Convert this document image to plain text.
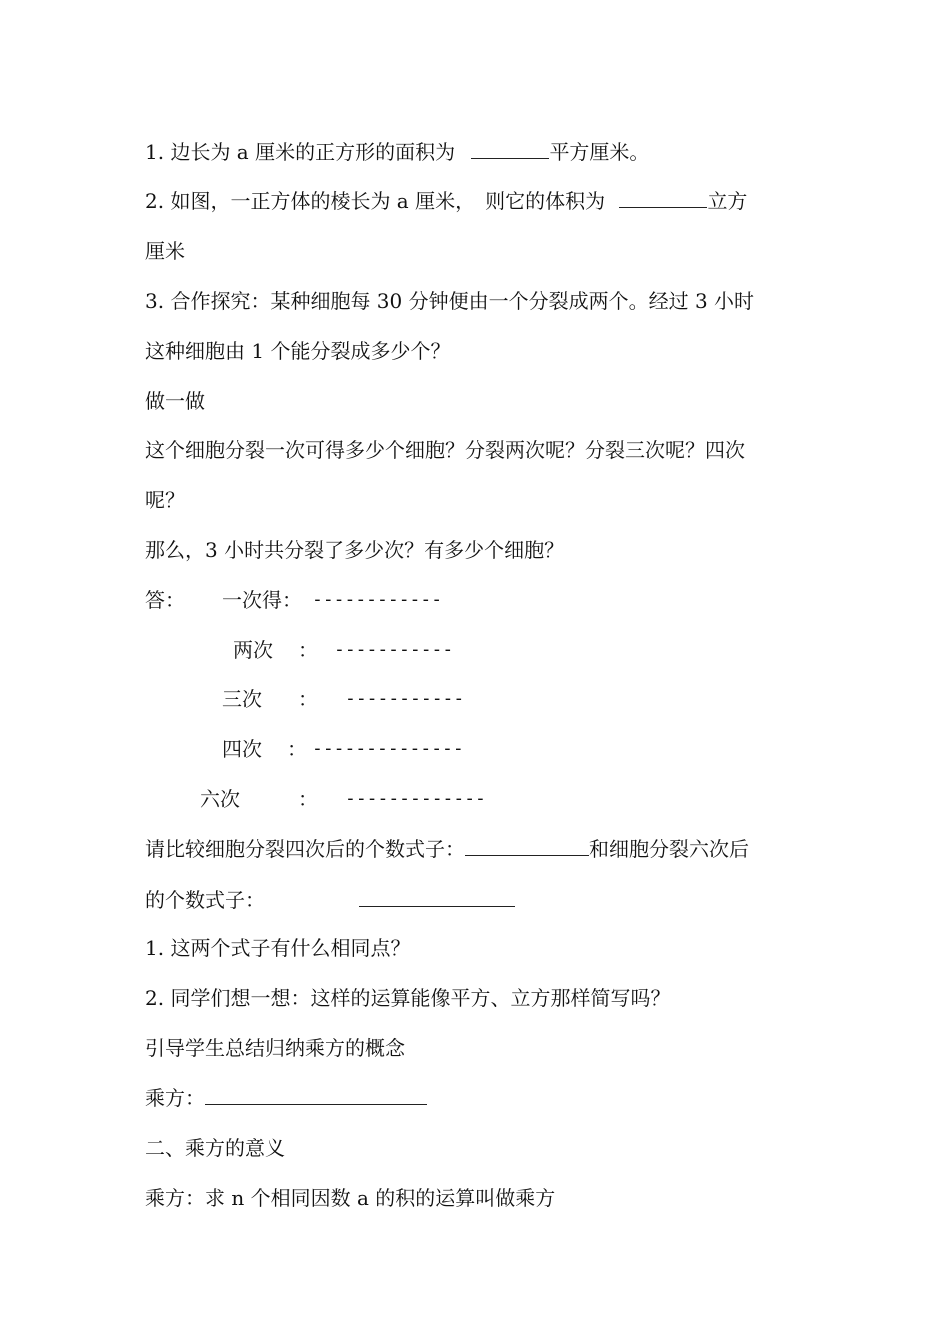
1. 边长为 a 厘米的正方形的面积为	平方厘米。
2. 如图，一正方体的棱长为 a 厘米，　则它的体积为	立方
厘米
3. 合作探究：某种细胞每 30 分钟便由一个分裂成两个。经过 3 小时
这种细胞由 1 个能分裂成多少个？
做一做
这个细胞分裂一次可得多少个细胞？分裂两次呢？分裂三次呢？四次
呢？
那么，3 小时共分裂了多少次？有多少个细胞？
答： 一次得： ------------
两次 ： -----------
三次 ： -----------
四次 ： --------------
六次	： -------------
请比较细胞分裂四次后的个数式子：	和细胞分裂六次后
的个数式子：
1. 这两个式子有什么相同点？
2. 同学们想一想：这样的运算能像平方、立方那样简写吗？
引导学生总结归纳乘方的概念
乘方：
二、乘方的意义
乘方：求 n 个相同因数 a 的积的运算叫做乘方
